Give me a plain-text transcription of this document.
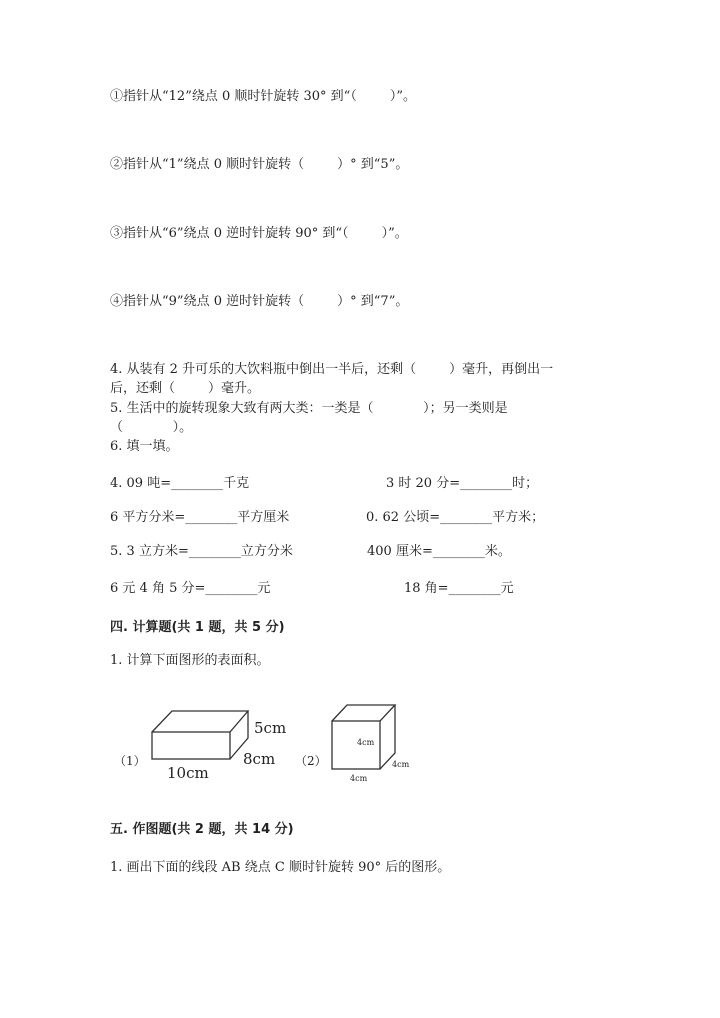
①指针从“12”绕点 0 顺时针旋转 30° 到“（        ）”。
②指针从“1”绕点 0 顺时针旋转（        ）° 到“5”。
③指针从“6”绕点 0 逆时针旋转 90° 到“（        ）”。
④指针从“9”绕点 0 逆时针旋转（        ）° 到“7”。
4. 从装有 2 升可乐的大饮料瓶中倒出一半后，还剩（        ）毫升，再倒出一
后，还剩（        ）毫升。
5. 生活中的旋转现象大致有两大类：一类是（            ）；另一类则是
（            ）。
6. 填一填。
4. 09 吨=________千克	3 时 20 分=________时；
6 平方分米=________平方厘米	0. 62 公顷=________平方米；
5. 3 立方米=________立方分米	400 厘米=________米。
6 元 4 角 5 分=________元	18 角=________元
四. 计算题(共 1 题，共 5 分)
1. 计算下面图形的表面积。
（1）
5cm
8cm
10cm
（2）
4cm
4cm
4cm
五. 作图题(共 2 题，共 14 分)
1. 画出下面的线段 AB 绕点 C 顺时针旋转 90° 后的图形。
